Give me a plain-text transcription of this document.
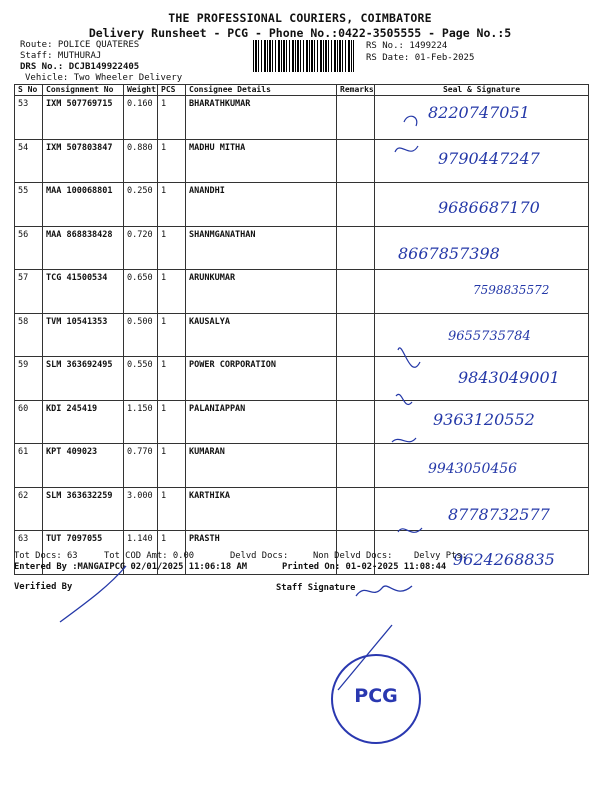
THE PROFESSIONAL COURIERS, COIMBATORE
Delivery Runsheet - PCG - Phone No.:0422-3505555 - Page No.:5
Route: POLICE QUATERES
Staff: MUTHURAJ
DRS No.: DCJB149922405
Vehicle: Two Wheeler Delivery
RS No.: 1499224
RS Date: 01-Feb-2025
S No	Consignment No	Weight	PCS	Consignee Details	Remarks	Seal & Signature
53	IXM 507769715	0.160	1	BHARATHKUMAR		8220747051

54	IXM 507803847	0.880	1	MADHU MITHA		9790447247

55	MAA 100068801	0.250	1	ANANDHI		9686687170

56	MAA 868838428	0.720	1	SHANMGANATHAN		8667857398

57	TCG 41500534	0.650	1	ARUNKUMAR		7598835572

58	TVM 10541353	0.500	1	KAUSALYA		9655735784

59	SLM 363692495	0.550	1	POWER CORPORATION		9843049001

60	KDI 245419	1.150	1	PALANIAPPAN		9363120552

61	KPT 409023	0.770	1	KUMARAN		9943050456

62	SLM 363632259	3.000	1	KARTHIKA		8778732577

63	TUT 7097055	1.140	1	PRASTH		9624268835
Tot Docs: 63	Tot COD Amt: 0.00	Delvd Docs:	Non Delvd Docs: Delvy Pts:
Entered By :MANGAIPCG 02/01/2025 11:06:18 AM	Printed On: 01-02-2025 11:08:44
Verified By	Staff Signature
PCG
